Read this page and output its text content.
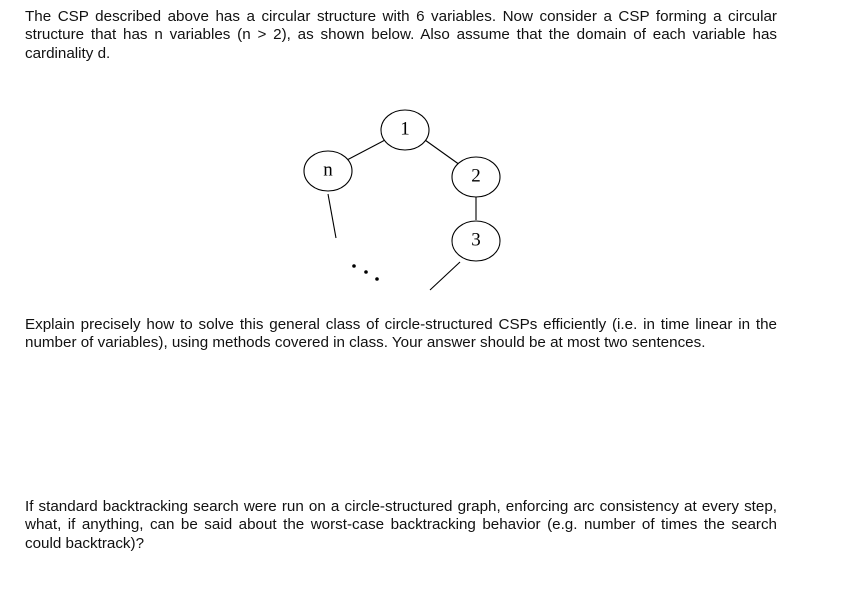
The CSP described above has a circular structure with 6 variables. Now consider a CSP forming a circular structure that has n variables (n > 2), as shown below. Also assume that the domain of each variable has cardinality d.

1
2
3
n

Explain precisely how to solve this general class of circle-structured CSPs efficiently (i.e. in time linear in the number of variables), using methods covered in class. Your answer should be at most two sentences.

If standard backtracking search were run on a circle-structured graph, enforcing arc consistency at every step, what, if anything, can be said about the worst-case backtracking behavior (e.g. number of times the search could backtrack)?
